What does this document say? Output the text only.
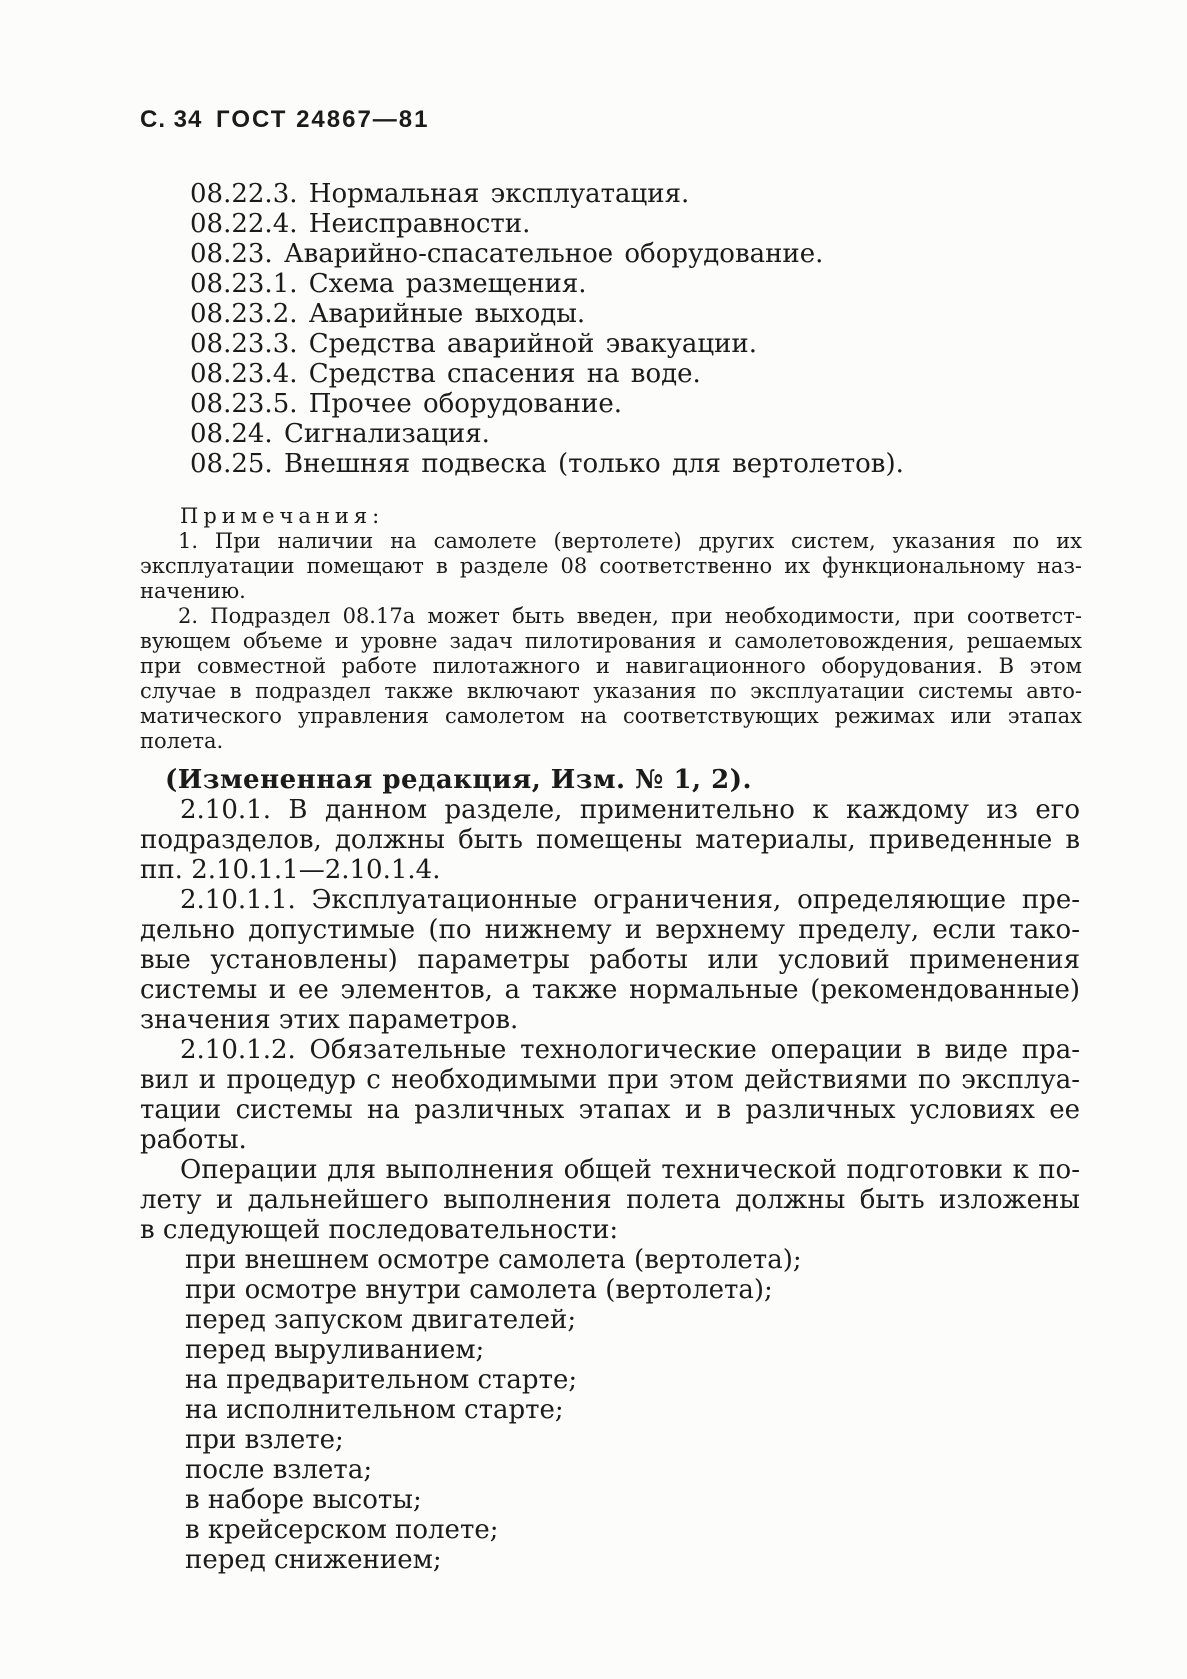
С. 34 ГОСТ 24867—81
08.22.3. Нормальная эксплуатация.
08.22.4. Неисправности.
08.23. Аварийно-спасательное оборудование.
08.23.1. Схема размещения.
08.23.2. Аварийные выходы.
08.23.3. Средства аварийной эвакуации.
08.23.4. Средства спасения на воде.
08.23.5. Прочее оборудование.
08.24. Сигнализация.
08.25. Внешняя подвеска (только для вертолетов).
Примечания:
1. При наличии на самолете (вертолете) других систем, указания по их
эксплуатации помещают в разделе 08 соответственно их функциональному наз-
начению.
2. Подраздел 08.17а может быть введен, при необходимости, при соответст-
вующем объеме и уровне задач пилотирования и самолетовождения, решаемых
при совместной работе пилотажного и навигационного оборудования. В этом
случае в подраздел также включают указания по эксплуатации системы авто-
матического управления самолетом на соответствующих режимах или этапах
полета.
(Измененная редакция, Изм. № 1, 2).
2.10.1. В данном разделе, применительно к каждому из его
подразделов, должны быть помещены материалы, приведенные в
пп. 2.10.1.1—2.10.1.4.
2.10.1.1. Эксплуатационные ограничения, определяющие пре-
дельно допустимые (по нижнему и верхнему пределу, если тако-
вые установлены) параметры работы или условий применения
системы и ее элементов, а также нормальные (рекомендованные)
значения этих параметров.
2.10.1.2. Обязательные технологические операции в виде пра-
вил и процедур с необходимыми при этом действиями по эксплуа-
тации системы на различных этапах и в различных условиях ее
работы.
Операции для выполнения общей технической подготовки к по-
лету и дальнейшего выполнения полета должны быть изложены
в следующей последовательности:
при внешнем осмотре самолета (вертолета);
при осмотре внутри самолета (вертолета);
перед запуском двигателей;
перед выруливанием;
на предварительном старте;
на исполнительном старте;
при взлете;
после взлета;
в наборе высоты;
в крейсерском полете;
перед снижением;
